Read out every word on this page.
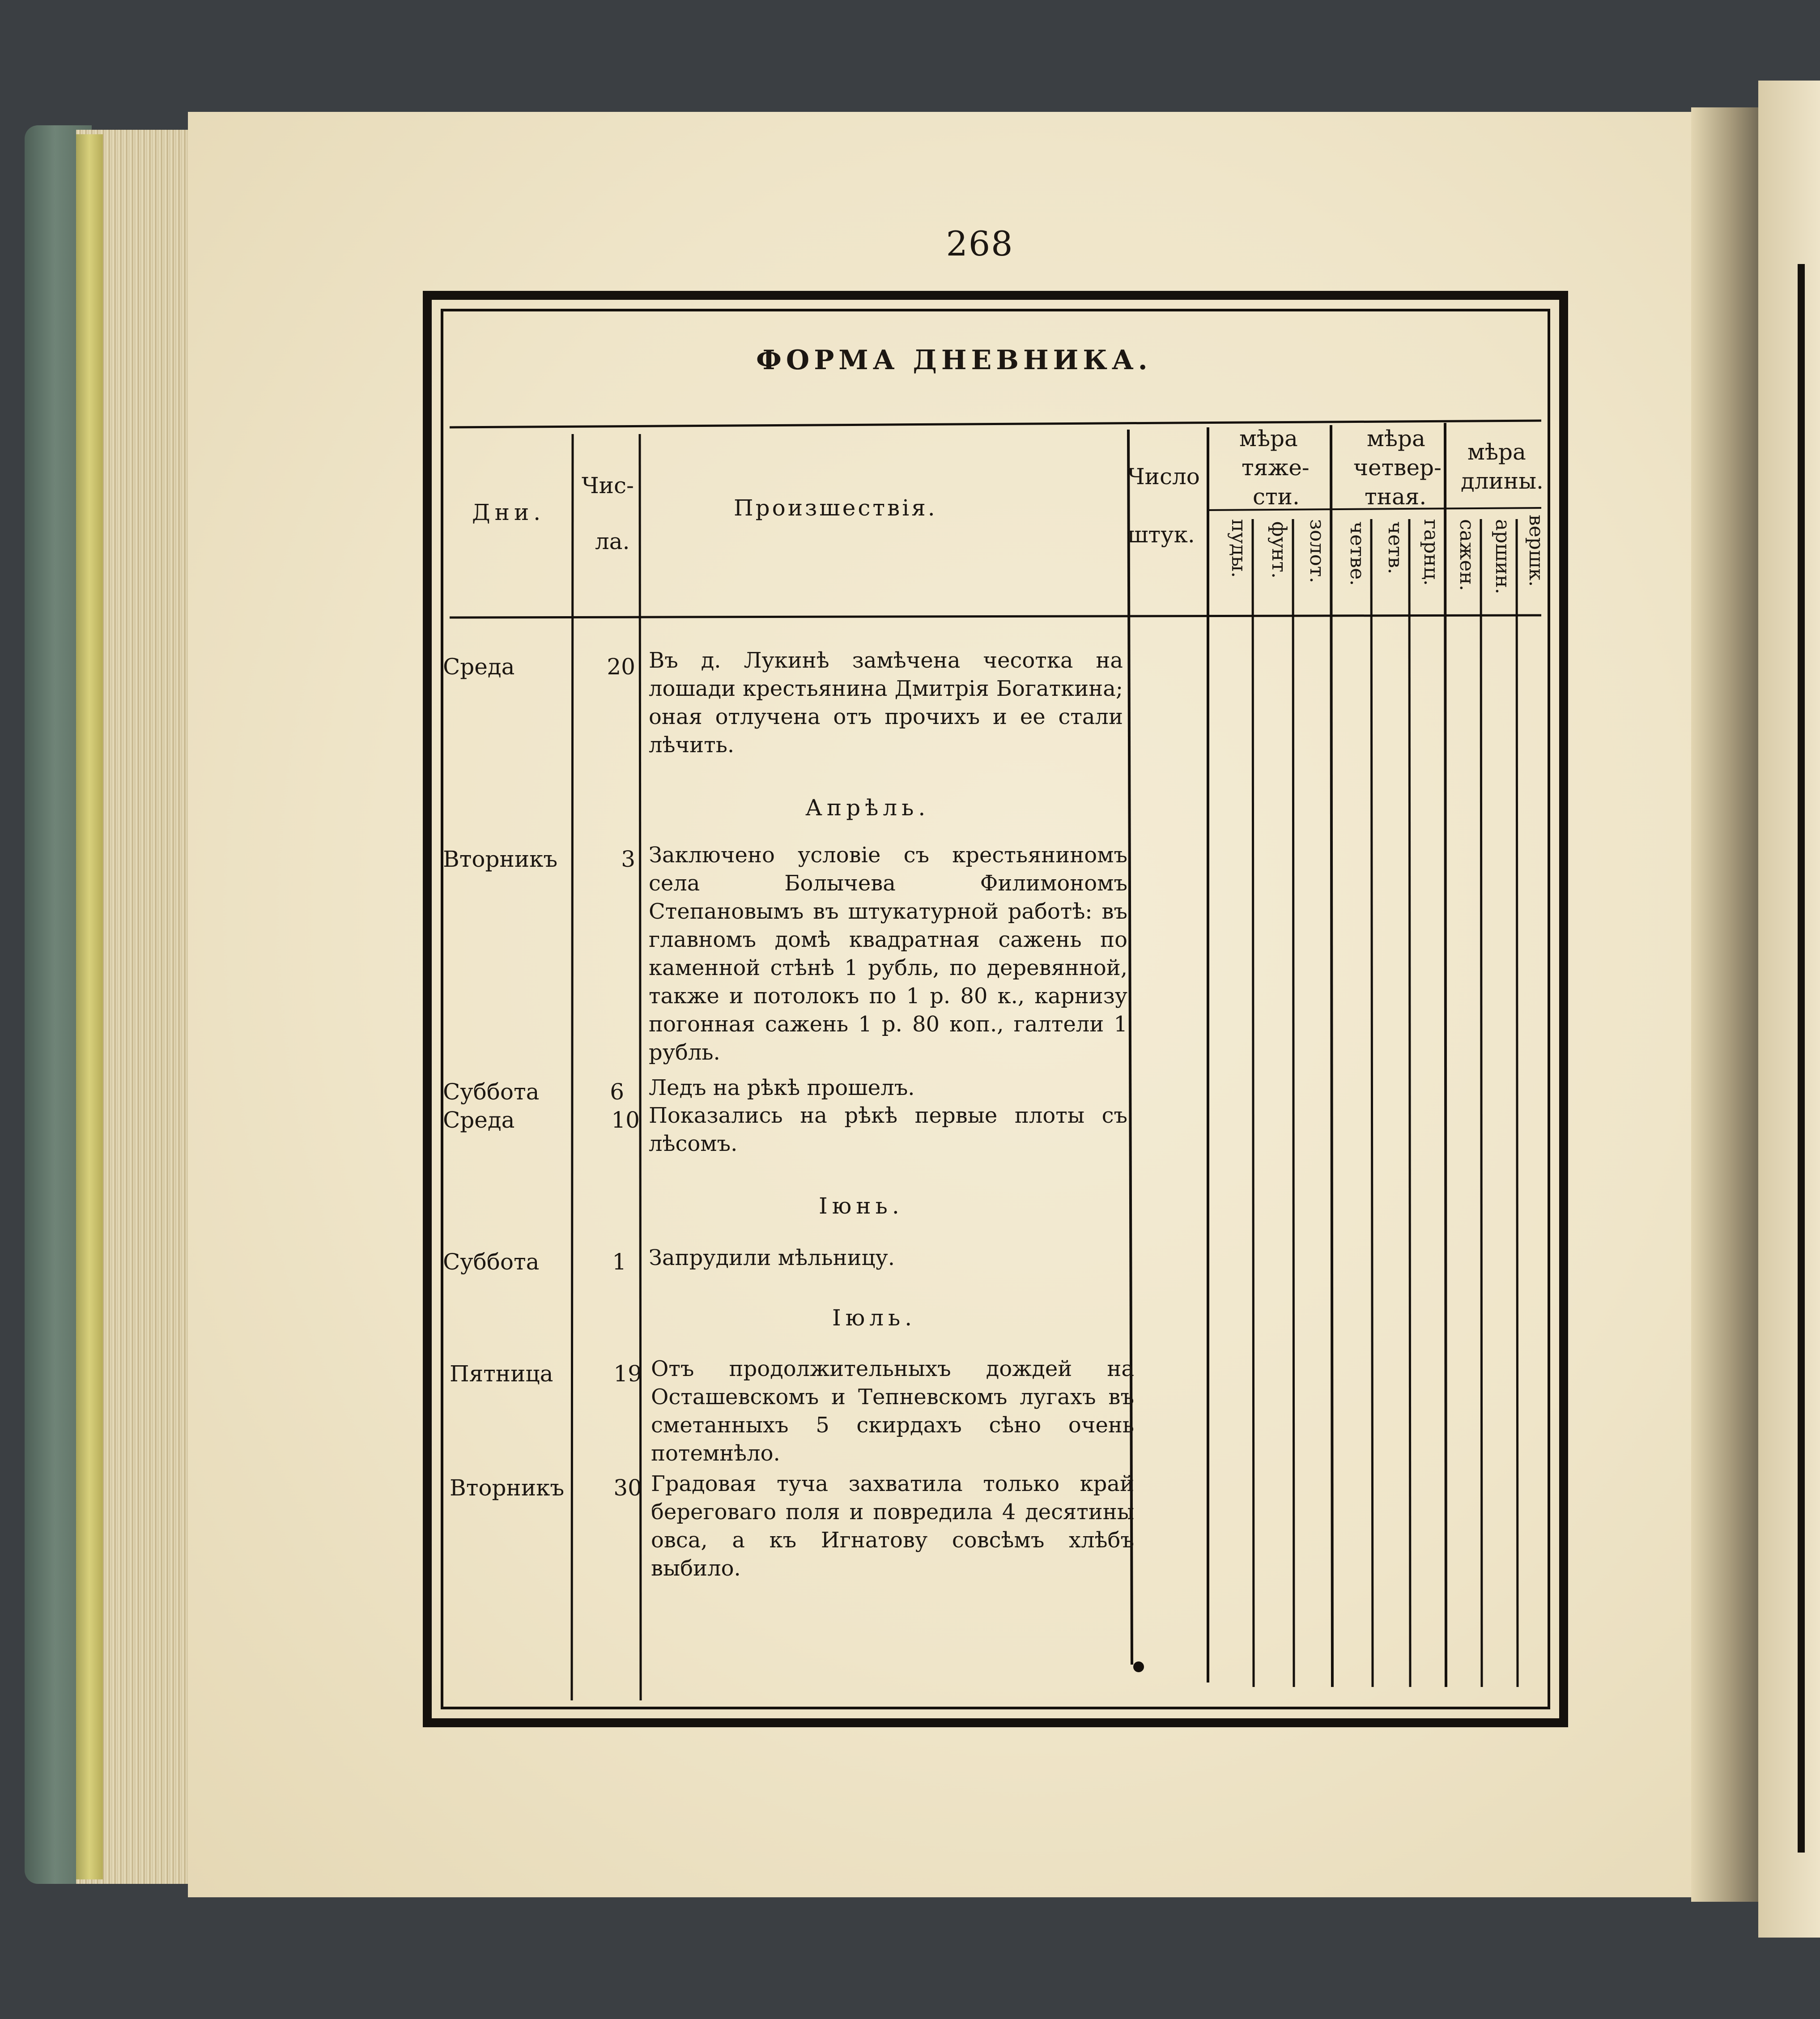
268
ФОРМА ДНЕВНИКА.
Дни.
Чис-
ла.
Произшествія.
Число
штук.
мѣра
тяже-
сти.
мѣра
четвер-
тная.
мѣра
длины.
пуды. фунт. золот. четве. четв. гарнц. сажен. аршин. вершк.
Среда	20 Въ д. Лукинѣ замѣчена чесотка на лошади крестьянина Дмитрія Богаткина; оная отлучена отъ прочихъ и ее стали лѣчить.
Апрѣль.
Вторникъ	3 Заключено условіе съ крестьяниномъ села Болычева Филимономъ Степановымъ въ штукатурной работѣ: въ главномъ домѣ квадратная сажень по каменной стѣнѣ 1 рубль, по деревянной, также и потолокъ по 1 р. 80 к., карнизу погонная сажень 1 р. 80 коп., галтели 1 рубль.
Суббота	6 Ледъ на рѣкѣ прошелъ.
Среда	10 Показались на рѣкѣ первые плоты съ лѣсомъ.
Іюнь.
Суббота	1 Запрудили мѣльницу.
Іюль.
Пятница	19 Отъ продолжительныхъ дождей на Осташевскомъ и Тепневскомъ лугахъ въ сметанныхъ 5 скирдахъ сѣно очень потемнѣло.
Вторникъ	30 Градовая туча захватила только край береговаго поля и повредила 4 десятины овса, а къ Игнатову совсѣмъ хлѣбъ выбило.
